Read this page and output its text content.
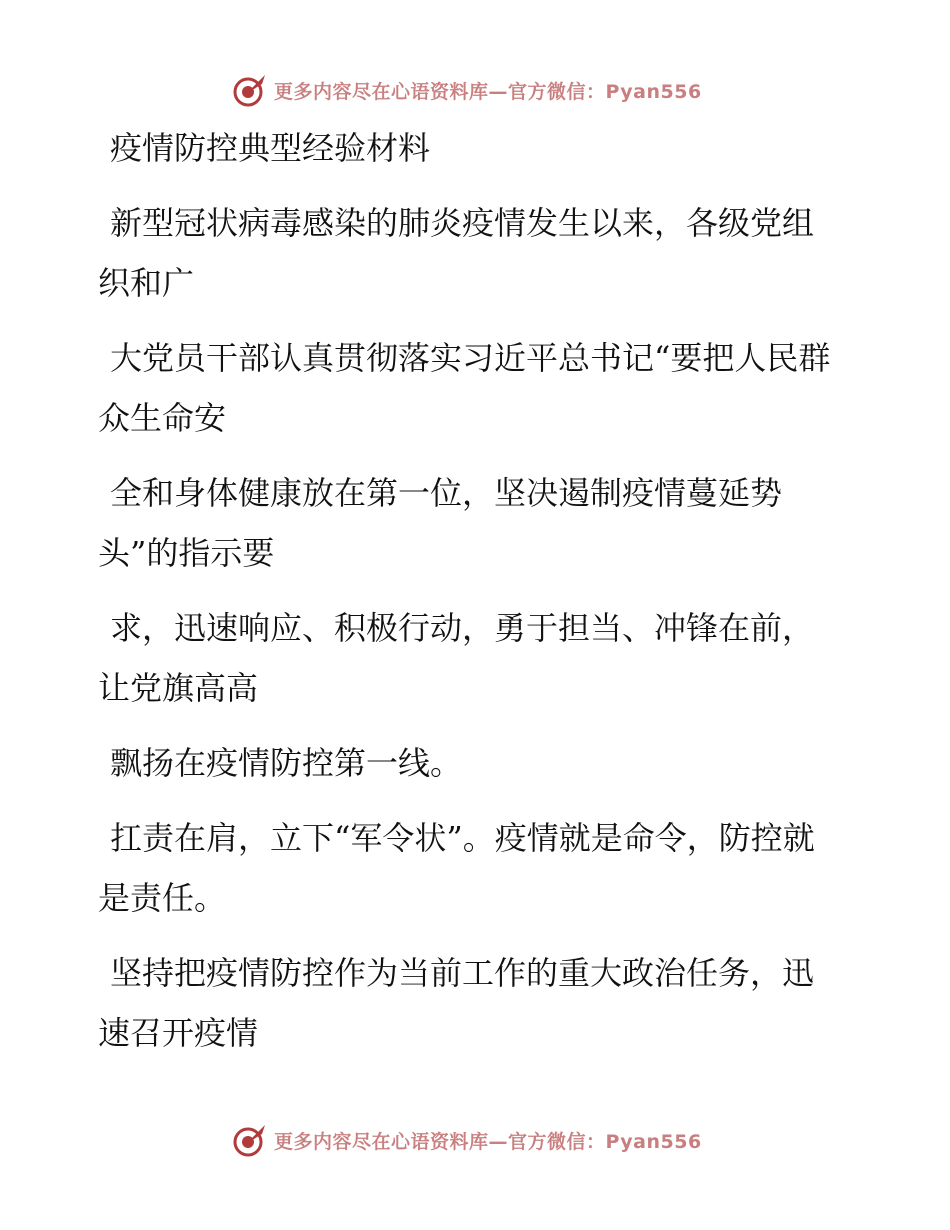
更多内容尽在心语资料库—官方微信：Pyan556

疫情防控典型经验材料

新型冠状病毒感染的肺炎疫情发生以来，各级党组织和广

大党员干部认真贯彻落实习近平总书记“要把人民群众生命安

全和身体健康放在第一位，坚决遏制疫情蔓延势头”的指示要

求，迅速响应、积极行动，勇于担当、冲锋在前，让党旗高高

飘扬在疫情防控第一线。

扛责在肩，立下“军令状”。疫情就是命令，防控就是责任。

坚持把疫情防控作为当前工作的重大政治任务，迅速召开疫情

更多内容尽在心语资料库—官方微信：Pyan556
